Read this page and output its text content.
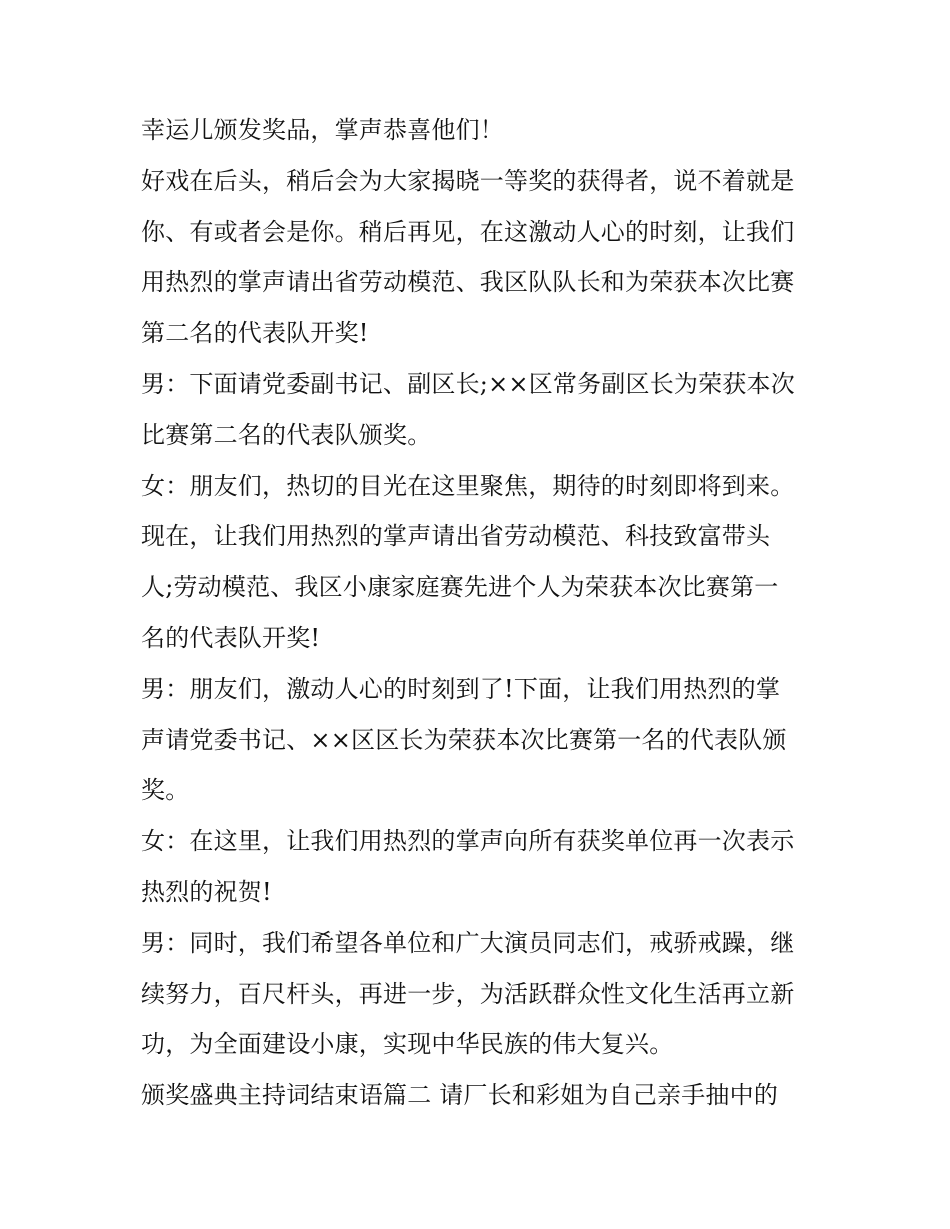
幸运儿颁发奖品，掌声恭喜他们！
好戏在后头，稍后会为大家揭晓一等奖的获得者，说不着就是
你、有或者会是你。稍后再见，在这激动人心的时刻，让我们
用热烈的掌声请出省劳动模范、我区队队长和为荣获本次比赛
第二名的代表队开奖!
男：下面请党委副书记、副区长;××区常务副区长为荣获本次
比赛第二名的代表队颁奖。
女：朋友们，热切的目光在这里聚焦，期待的时刻即将到来。
现在，让我们用热烈的掌声请出省劳动模范、科技致富带头
人;劳动模范、我区小康家庭赛先进个人为荣获本次比赛第一
名的代表队开奖!
男：朋友们，激动人心的时刻到了!下面，让我们用热烈的掌
声请党委书记、××区区长为荣获本次比赛第一名的代表队颁
奖。
女：在这里，让我们用热烈的掌声向所有获奖单位再一次表示
热烈的祝贺!
男：同时，我们希望各单位和广大演员同志们，戒骄戒躁，继
续努力，百尺杆头，再进一步，为活跃群众性文化生活再立新
功，为全面建设小康，实现中华民族的伟大复兴。
颁奖盛典主持词结束语篇二 请厂长和彩姐为自己亲手抽中的
